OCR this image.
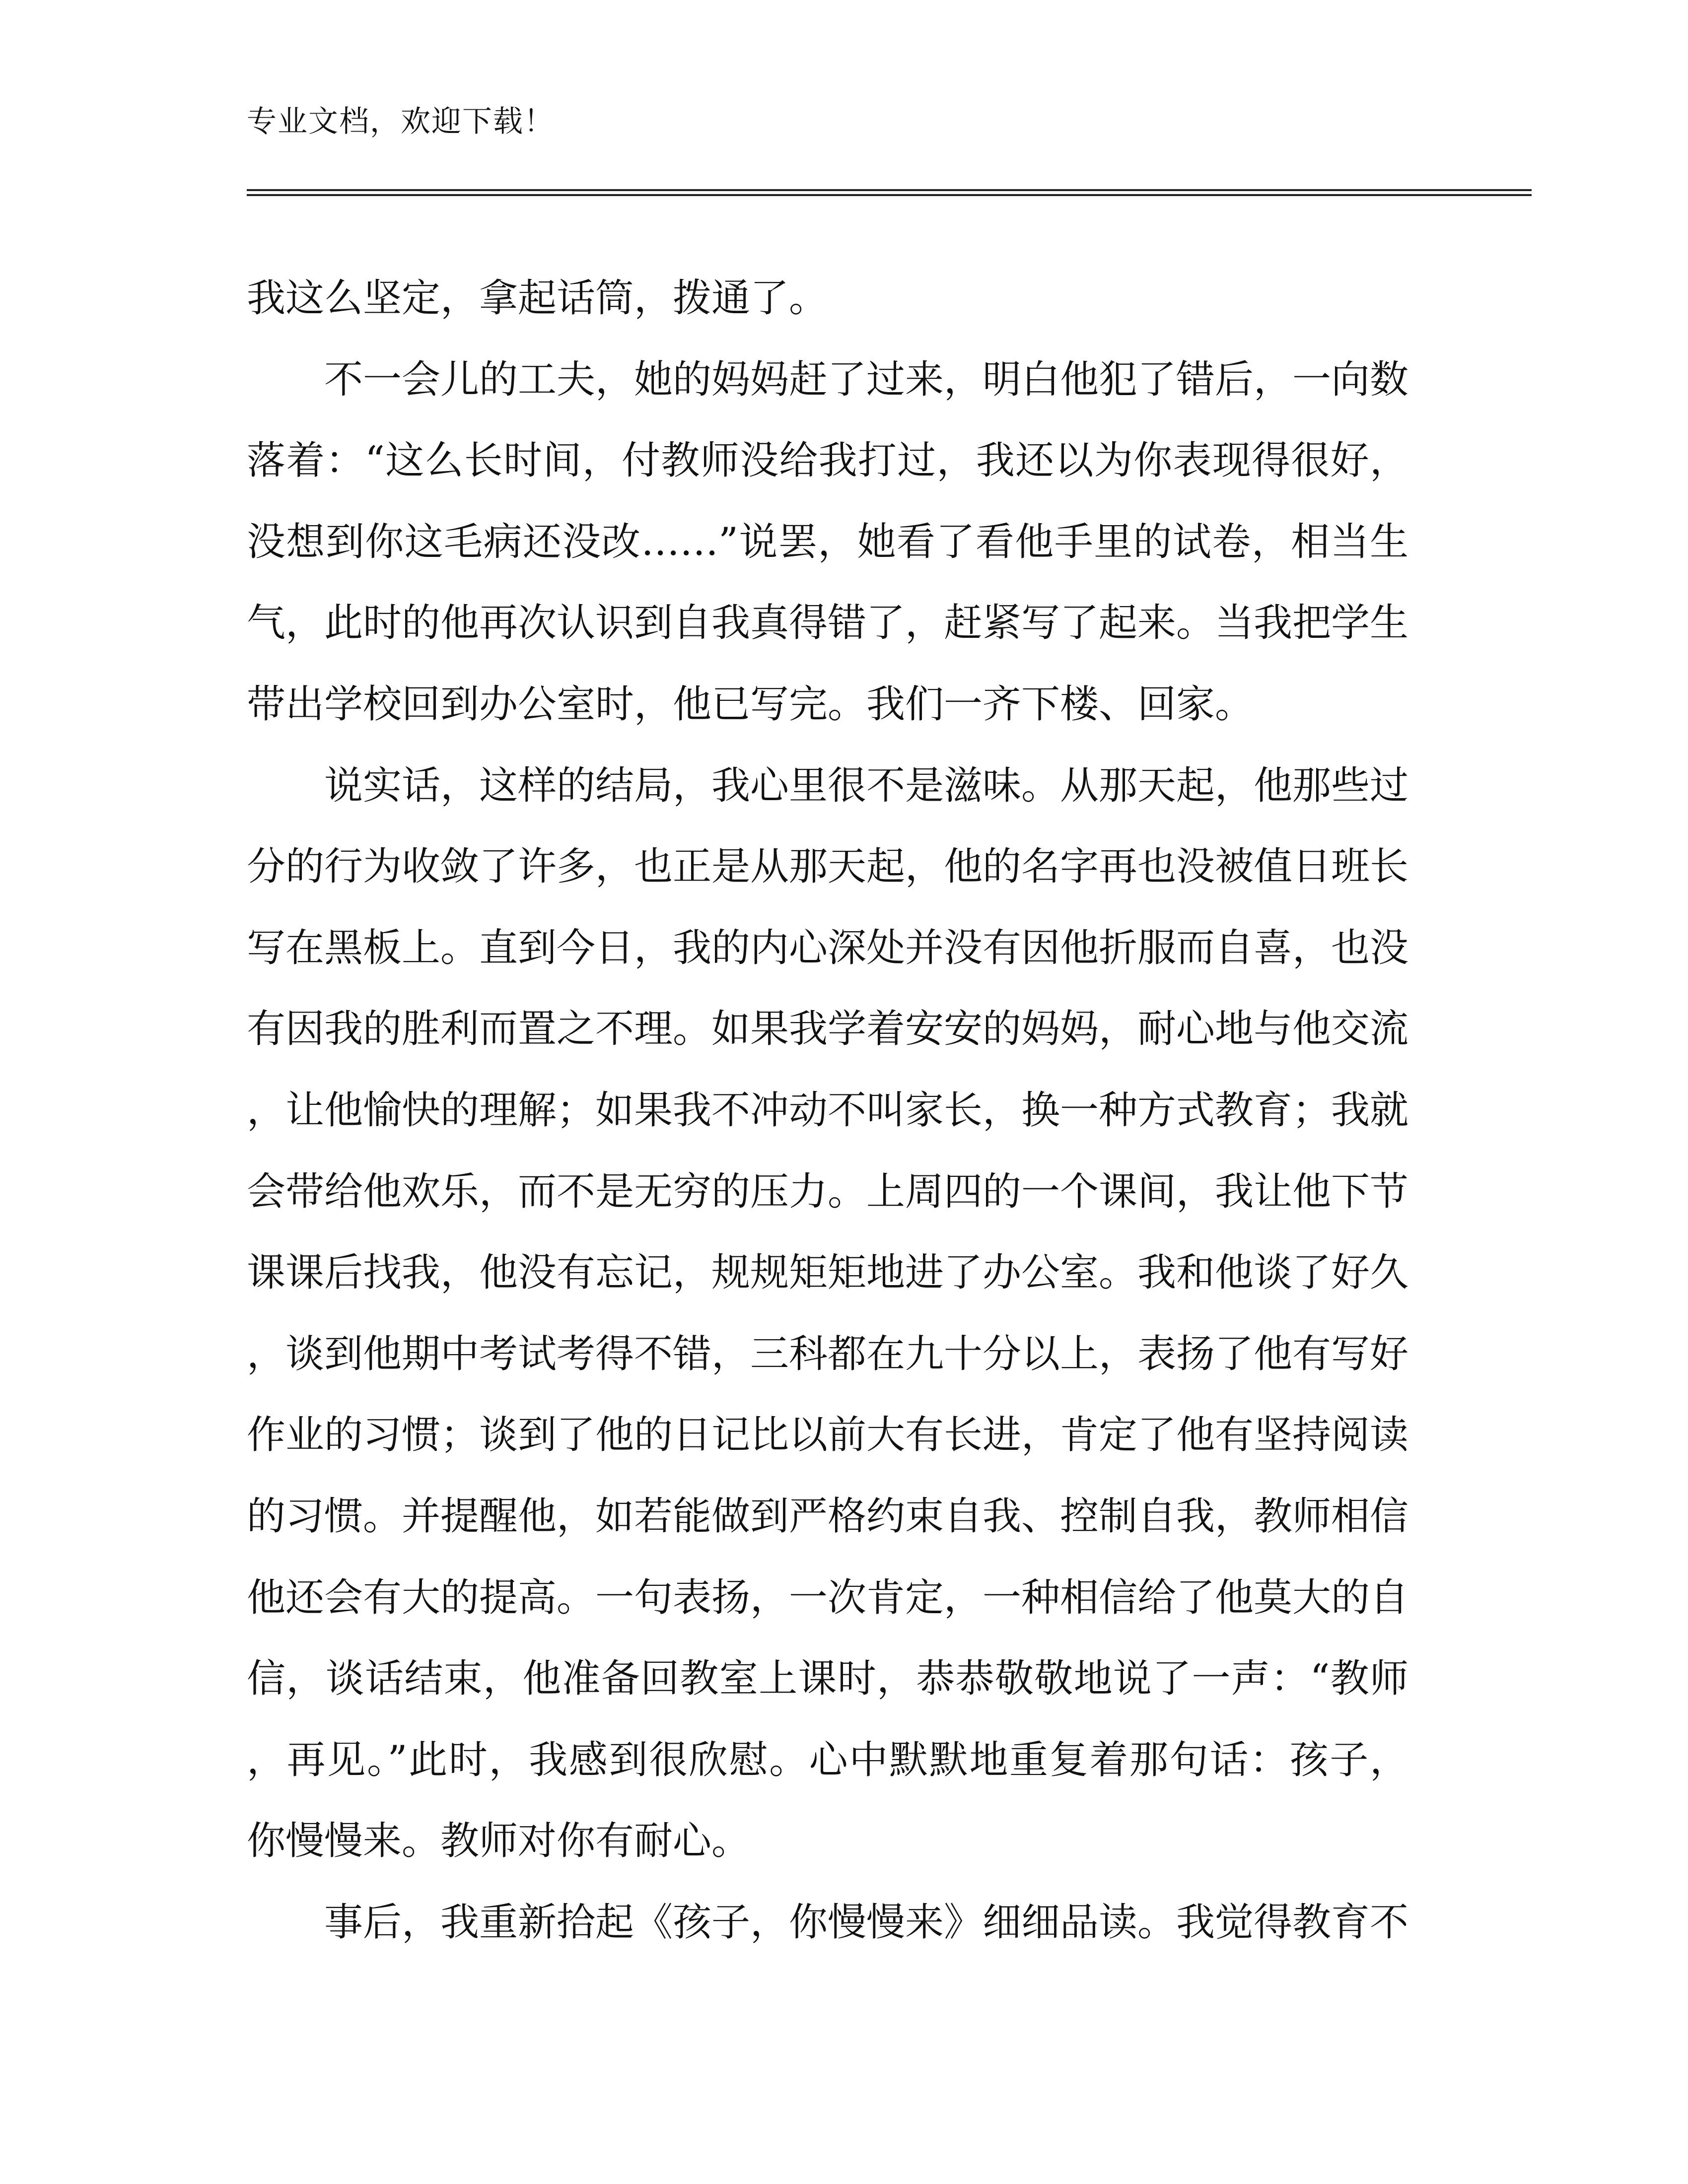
专业文档，欢迎下载！
我这么坚定，拿起话筒，拨通了。
不一会儿的工夫，她的妈妈赶了过来，明白他犯了错后，一向数
落着：“这么长时间，付教师没给我打过，我还以为你表现得很好，
没想到你这毛病还没改……”说罢，她看了看他手里的试卷，相当生
气，此时的他再次认识到自我真得错了，赶紧写了起来。当我把学生
带出学校回到办公室时，他已写完。我们一齐下楼、回家。
说实话，这样的结局，我心里很不是滋味。从那天起，他那些过
分的行为收敛了许多，也正是从那天起，他的名字再也没被值日班长
写在黑板上。直到今日，我的内心深处并没有因他折服而自喜，也没
有因我的胜利而置之不理。如果我学着安安的妈妈，耐心地与他交流
，让他愉快的理解；如果我不冲动不叫家长，换一种方式教育；我就
会带给他欢乐，而不是无穷的压力。上周四的一个课间，我让他下节
课课后找我，他没有忘记，规规矩矩地进了办公室。我和他谈了好久
，谈到他期中考试考得不错，三科都在九十分以上，表扬了他有写好
作业的习惯；谈到了他的日记比以前大有长进，肯定了他有坚持阅读
的习惯。并提醒他，如若能做到严格约束自我、控制自我，教师相信
他还会有大的提高。一句表扬，一次肯定，一种相信给了他莫大的自
信，谈话结束，他准备回教室上课时，恭恭敬敬地说了一声：“教师
，再见。”此时，我感到很欣慰。心中默默地重复着那句话：孩子，
你慢慢来。教师对你有耐心。
事后，我重新拾起《孩子，你慢慢来》细细品读。我觉得教育不
